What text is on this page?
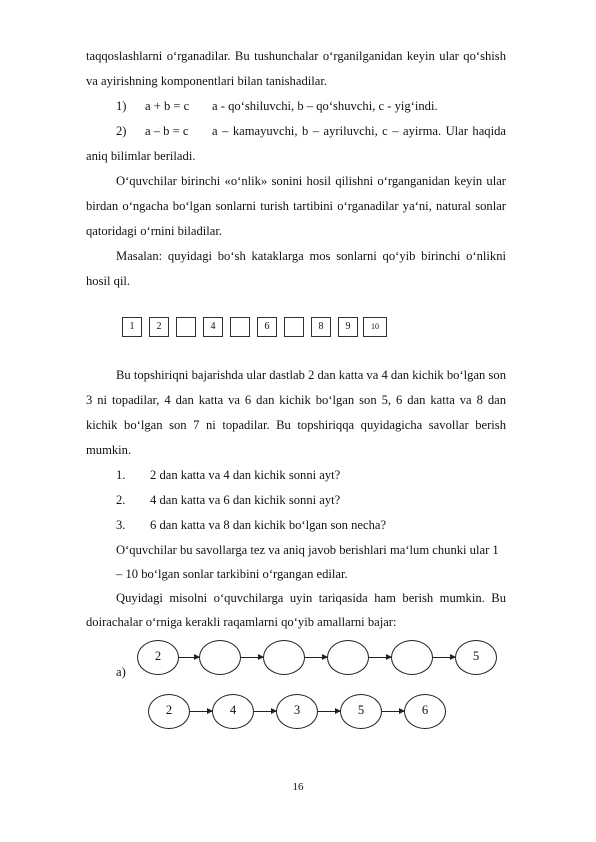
taqqoslashlarni o‘rganadilar. Bu tushunchalar o‘rganilganidan keyin ular qo‘shish

va ayirishning komponentlari bilan tanishadilar.

1) a + b = c a - qo‘shiluvchi, b – qo‘shuvchi, c - yig‘indi.

2) a – b = c a – kamayuvchi, b – ayriluvchi, c – ayirma. Ular haqida

aniq bilimlar beriladi.

O‘quvchilar birinchi «o‘nlik» sonini hosil qilishni o‘rganganidan keyin ular

birdan o‘ngacha bo‘lgan sonlarni turish tartibini o‘rganadilar ya‘ni, natural sonlar

qatoridagi o‘rnini biladilar.

Masalan: quyidagi bo‘sh kataklarga mos sonlarni qo‘yib birinchi o‘nlikni

hosil qil.

1	2	4	6	8	9	10

Bu topshiriqni bajarishda ular dastlab 2 dan katta va 4 dan kichik bo‘lgan son

3 ni topadilar, 4 dan katta va 6 dan kichik bo‘lgan son 5, 6 dan katta va 8 dan

kichik bo‘lgan son 7 ni topadilar. Bu topshiriqqa quyidagicha savollar berish

mumkin.

1. 2 dan katta va 4 dan kichik sonni ayt?

2. 4 dan katta va 6 dan kichik sonni ayt?

3. 6 dan katta va 8 dan kichik bo‘lgan son necha?

O‘quvchilar bu savollarga tez va aniq javob berishlari ma‘lum chunki ular 1

– 10 bo‘lgan sonlar tarkibini o‘rgangan edilar.

Quyidagi misolni o‘quvchilarga uyin tariqasida ham berish mumkin. Bu

doirachalar o‘rniga kerakli raqamlarni qo‘yib amallarni bajar:

a)

2	5
2	4	3	5	6
16
